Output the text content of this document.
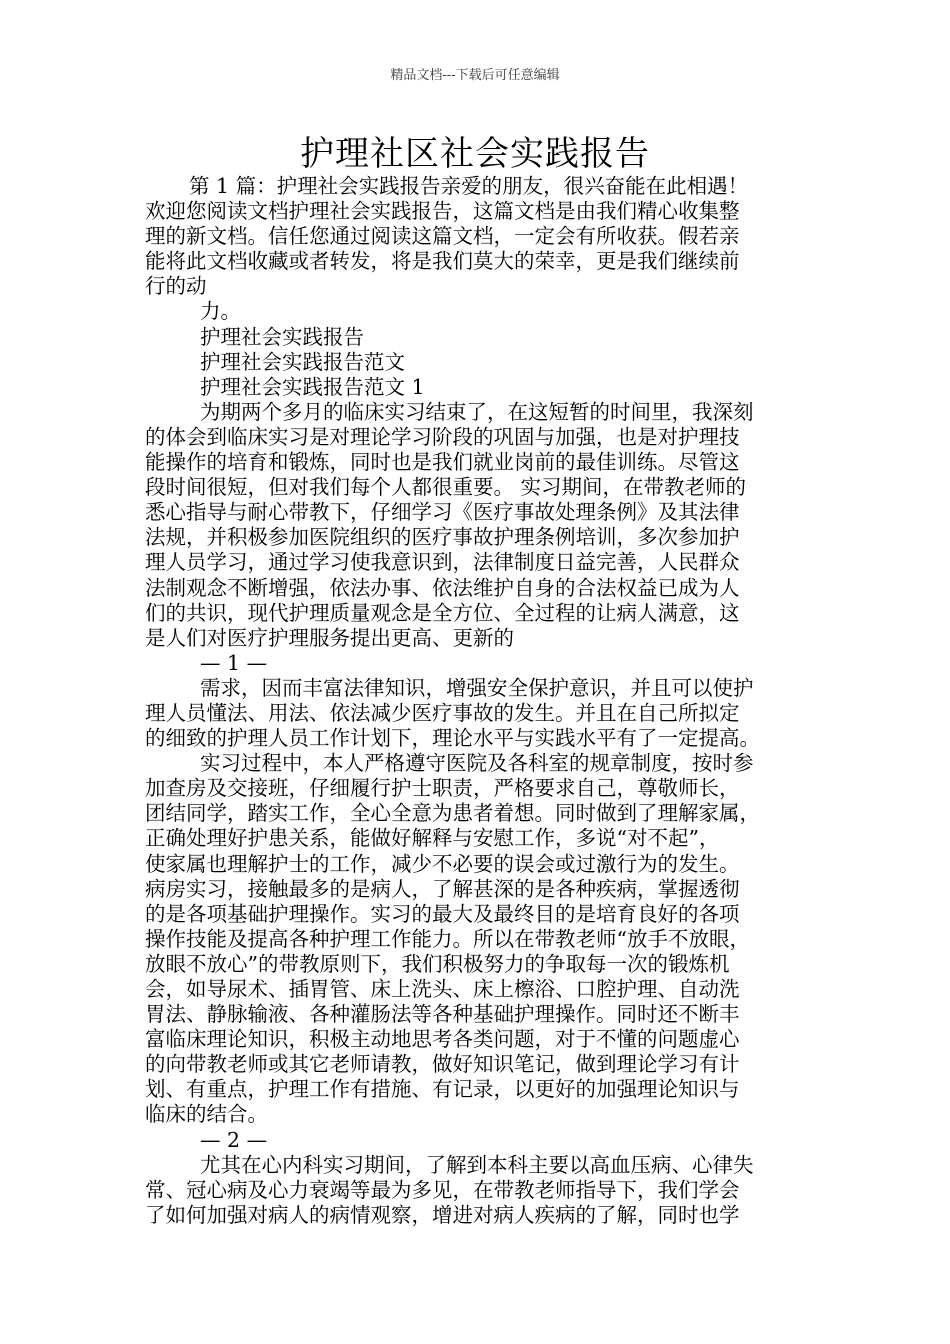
精品文档---下载后可任意编辑
护理社区社会实践报告

第 1 篇：护理社会实践报告亲爱的朋友，很兴奋能在此相遇！

欢迎您阅读文档护理社会实践报告，这篇文档是由我们精心收集整

理的新文档。信任您通过阅读这篇文档，一定会有所收获。假若亲

能将此文档收藏或者转发，将是我们莫大的荣幸，更是我们继续前

行的动

力。

护理社会实践报告

护理社会实践报告范文

护理社会实践报告范文 1

为期两个多月的临床实习结束了，在这短暂的时间里，我深刻

的体会到临床实习是对理论学习阶段的巩固与加强，也是对护理技

能操作的培育和锻炼，同时也是我们就业岗前的最佳训练。尽管这

段时间很短，但对我们每个人都很重要。 实习期间，在带教老师的

悉心指导与耐心带教下，仔细学习《医疗事故处理条例》及其法律

法规，并积极参加医院组织的医疗事故护理条例培训，多次参加护

理人员学习，通过学习使我意识到，法律制度日益完善，人民群众

法制观念不断增强，依法办事、依法维护自身的合法权益已成为人

们的共识，现代护理质量观念是全方位、全过程的让病人满意，这

是人们对医疗护理服务提出更高、更新的

— 1 —

需求，因而丰富法律知识，增强安全保护意识，并且可以使护

理人员懂法、用法、依法减少医疗事故的发生。并且在自己所拟定

的细致的护理人员工作计划下，理论水平与实践水平有了一定提高。

实习过程中，本人严格遵守医院及各科室的规章制度，按时参

加查房及交接班，仔细履行护士职责，严格要求自己，尊敬师长，

团结同学，踏实工作，全心全意为患者着想。同时做到了理解家属，

正确处理好护患关系，能做好解释与安慰工作，多说“对不起”，

使家属也理解护士的工作，减少不必要的误会或过激行为的发生。

病房实习，接触最多的是病人，了解甚深的是各种疾病，掌握透彻

的是各项基础护理操作。实习的最大及最终目的是培育良好的各项

操作技能及提高各种护理工作能力。所以在带教老师“放手不放眼，

放眼不放心”的带教原则下，我们积极努力的争取每一次的锻炼机

会，如导尿术、插胃管、床上洗头、床上檫浴、口腔护理、自动洗

胃法、静脉输液、各种灌肠法等各种基础护理操作。同时还不断丰

富临床理论知识，积极主动地思考各类问题，对于不懂的问题虚心

的向带教老师或其它老师请教，做好知识笔记，做到理论学习有计

划、有重点，护理工作有措施、有记录，以更好的加强理论知识与

临床的结合。

— 2 —

尤其在心内科实习期间，了解到本科主要以高血压病、心律失

常、冠心病及心力衰竭等最为多见，在带教老师指导下，我们学会

了如何加强对病人的病情观察，增进对病人疾病的了解，同时也学
